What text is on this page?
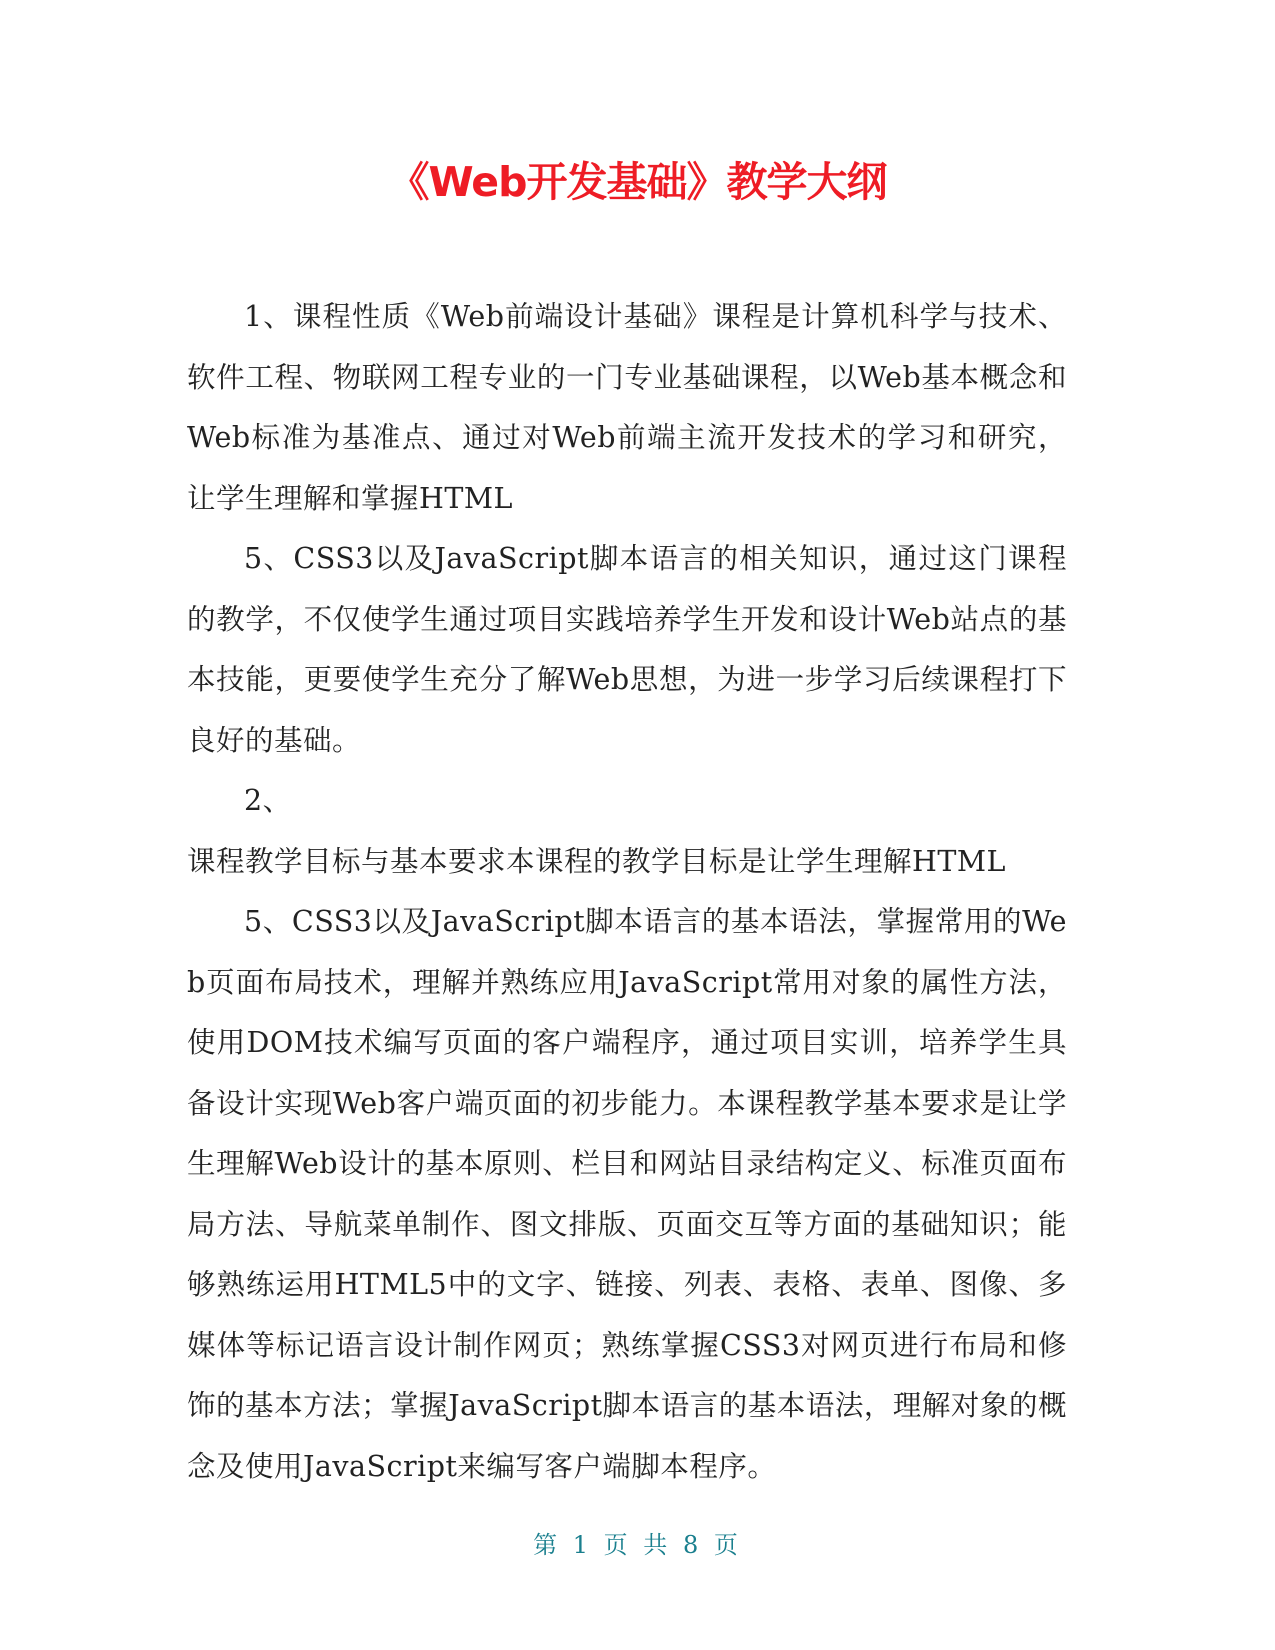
《Web开发基础》教学大纲

1、课程性质《Web前端设计基础》课程是计算机科学与技术、软件工程、物联网工程专业的一门专业基础课程，以Web基本概念和Web标准为基准点、通过对Web前端主流开发技术的学习和研究，让学生理解和掌握HTML

5、CSS3以及JavaScript脚本语言的相关知识，通过这门课程的教学，不仅使学生通过项目实践培养学生开发和设计Web站点的基本技能，更要使学生充分了解Web思想，为进一步学习后续课程打下良好的基础。

2、

课程教学目标与基本要求本课程的教学目标是让学生理解HTML

5、CSS3以及JavaScript脚本语言的基本语法，掌握常用的Web页面布局技术，理解并熟练应用JavaScript常用对象的属性方法，使用DOM技术编写页面的客户端程序，通过项目实训，培养学生具备设计实现Web客户端页面的初步能力。本课程教学基本要求是让学生理解Web设计的基本原则、栏目和网站目录结构定义、标准页面布局方法、导航菜单制作、图文排版、页面交互等方面的基础知识；能够熟练运用HTML5中的文字、链接、列表、表格、表单、图像、多媒体等标记语言设计制作网页；熟练掌握CSS3对网页进行布局和修饰的基本方法；掌握JavaScript脚本语言的基本语法，理解对象的概念及使用JavaScript来编写客户端脚本程序。

第 1 页 共 8 页
